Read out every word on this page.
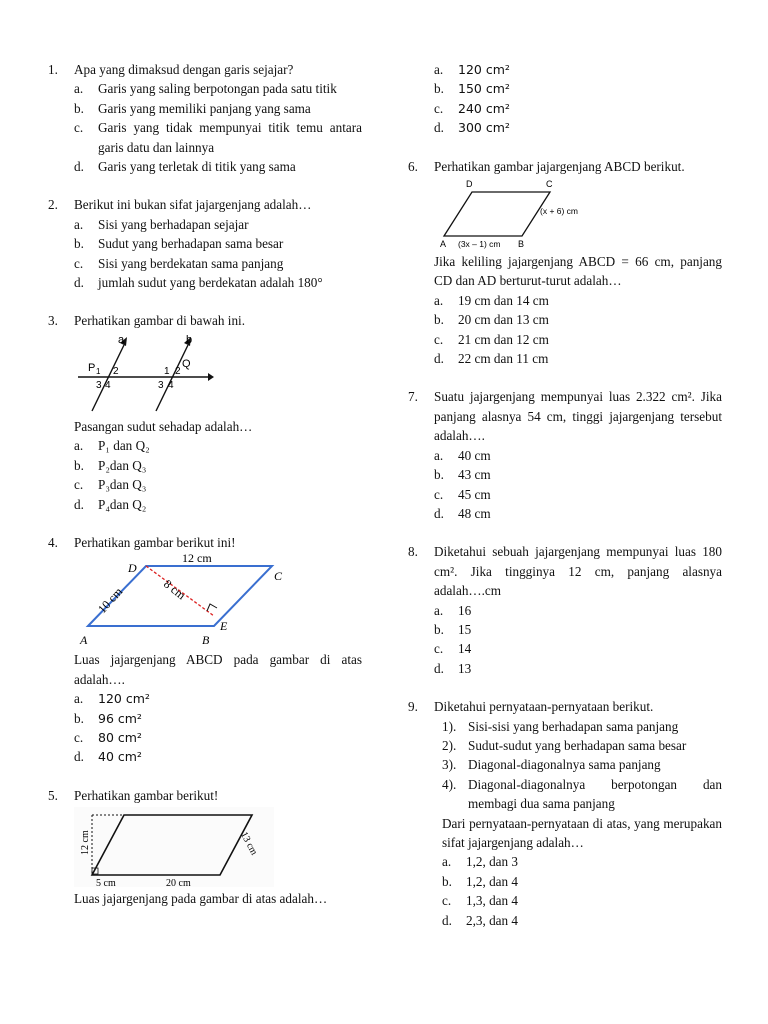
1.	Apa yang dimaksud dengan garis sejajar?
a.	Garis yang saling berpotongan pada satu titik
b.	Garis yang memiliki panjang yang sama
c.	Garis yang tidak mempunyai titik temu antara garis datu dan lainnya
d.	Garis yang terletak di titik yang sama
2.	Berikut ini bukan sifat jajargenjang adalah…
a.	Sisi yang berhadapan sejajar
b.	Sudut yang berhadapan sama besar
c.	Sisi yang berdekatan sama panjang
d.	jumlah sudut yang berdekatan adalah 180°
3.	Perhatikan gambar di bawah ini.
a	b
P 1 2
3 4
Q
1 2
3 4
Pasangan sudut sehadap adalah…
a.	P₁ dan Q₂
b.	P₂dan Q₃
c.	P₃dan Q₃
d.	P₄dan Q₂
4.	Perhatikan gambar berikut ini!
12 cm
10 cm	8 cm
A	B
C
D
E
Luas jajargenjang ABCD pada gambar di atas adalah….
a.	120 cm²
b.	96 cm²
c.	80 cm²
d.	40 cm²
5.	Perhatikan gambar berikut!
12 cm	13 cm
5 cm	20 cm
Luas jajargenjang pada gambar di atas adalah…
a.	120 cm²
b.	150 cm²
c.	240 cm²
d.	300 cm²
6.	Perhatikan gambar jajargenjang ABCD berikut.
D	C
A	B
(3x – 1) cm
(x + 6) cm
Jika keliling jajargenjang ABCD = 66 cm, panjang CD dan AD berturut-turut adalah…
a.	19 cm dan 14 cm
b.	20 cm dan 13 cm
c.	21 cm dan 12 cm
d.	22 cm dan 11 cm
7.	Suatu jajargenjang mempunyai luas 2.322 cm². Jika panjang alasnya 54 cm, tinggi jajargenjang tersebut adalah….
a.	40 cm
b.	43 cm
c.	45 cm
d.	48 cm
8.	Diketahui sebuah jajargenjang mempunyai luas 180 cm². Jika tingginya 12 cm, panjang alasnya adalah….cm
a.	16
b.	15
c.	14
d.	13
9.	Diketahui pernyataan-pernyataan berikut.
1). Sisi-sisi yang berhadapan sama panjang
2). Sudut-sudut yang berhadapan sama besar
3). Diagonal-diagonalnya sama panjang
4). Diagonal-diagonalnya berpotongan dan membagi dua sama panjang
Dari pernyataan-pernyataan di atas, yang merupakan sifat jajargenjang adalah…
a.	1,2, dan 3
b.	1,2, dan 4
c.	1,3, dan 4
d.	2,3, dan 4
